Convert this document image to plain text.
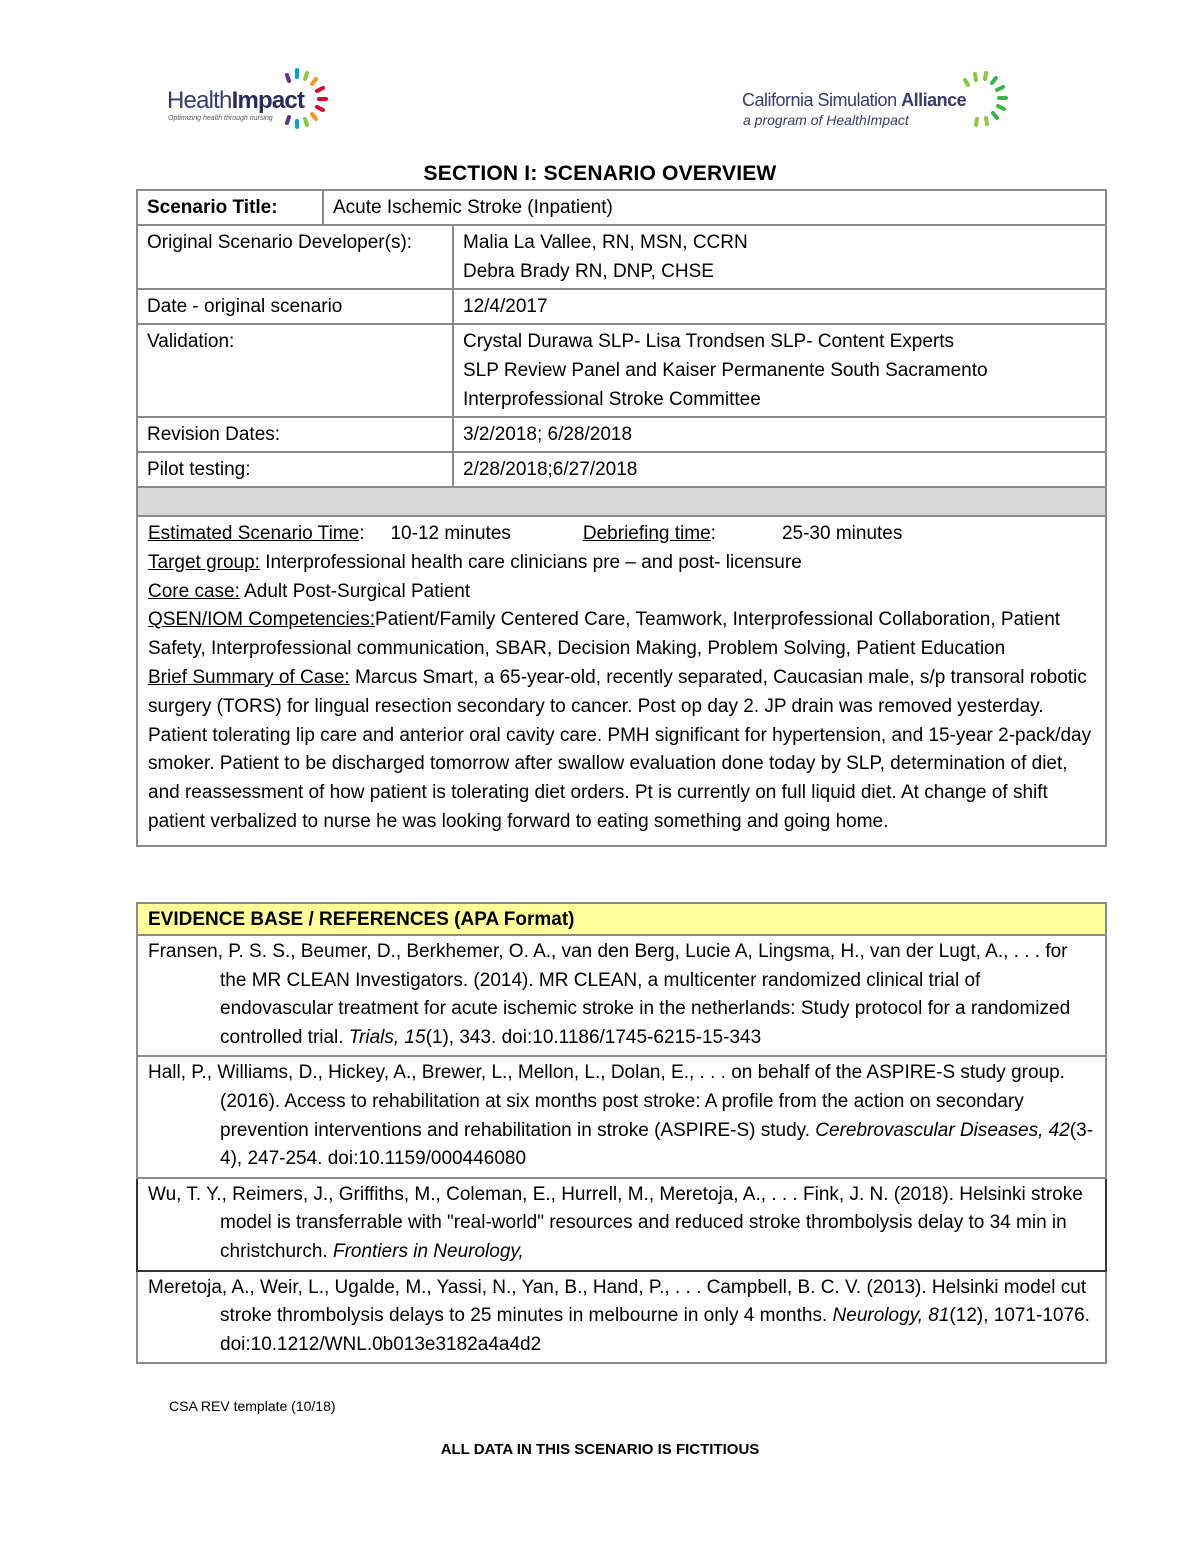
HealthImpact
Optimizing health through nursing
California Simulation Alliance
a program of HealthImpact
SECTION I: SCENARIO OVERVIEW
Scenario Title:	Acute Ischemic Stroke (Inpatient)	
Original Scenario Developer(s):		Malia La Vallee, RN, MSN, CCRN
Debra Brady RN, DNP, CHSE

Date - original scenario		12/4/2017
Validation:		Crystal Durawa SLP- Lisa Trondsen SLP- Content Experts
SLP Review Panel and Kaiser Permanente South Sacramento
Interprofessional Stroke Committee

Revision Dates:		3/2/2018; 6/28/2018
Pilot testing:		2/28/2018;6/27/2018

Estimated Scenario Time: 10-12 minutes Debriefing time: 25-30 minutes
Target group: Interprofessional health care clinicians pre – and post- licensure
Core case: Adult Post-Surgical Patient
QSEN/IOM Competencies:Patient/Family Centered Care, Teamwork, Interprofessional Collaboration, Patient Safety, Interprofessional communication, SBAR, Decision Making, Problem Solving, Patient Education
Brief Summary of Case: Marcus Smart, a 65-year-old, recently separated, Caucasian male, s/p transoral robotic surgery (TORS) for lingual resection secondary to cancer. Post op day 2. JP drain was removed yesterday. Patient tolerating lip care and anterior oral cavity care. PMH significant for hypertension, and 15-year 2-pack/day smoker. Patient to be discharged tomorrow after swallow evaluation done today by SLP, determination of diet, and reassessment of how patient is tolerating diet orders. Pt is currently on full liquid diet. At change of shift patient verbalized to nurse he was looking forward to eating something and going home.		
EVIDENCE BASE / REFERENCES (APA Format)

Fransen, P. S. S., Beumer, D., Berkhemer, O. A., van den Berg, Lucie A, Lingsma, H., van der Lugt, A., . . . for the MR CLEAN Investigators. (2014). MR CLEAN, a multicenter randomized clinical trial of endovascular treatment for acute ischemic stroke in the netherlands: Study protocol for a randomized controlled trial. Trials, 15(1), 343. doi:10.1186/1745-6215-15-343

Hall, P., Williams, D., Hickey, A., Brewer, L., Mellon, L., Dolan, E., . . . on behalf of the ASPIRE-S study group. (2016). Access to rehabilitation at six months post stroke: A profile from the action on secondary prevention interventions and rehabilitation in stroke (ASPIRE-S) study. Cerebrovascular Diseases, 42(3-4), 247-254. doi:10.1159/000446080

Wu, T. Y., Reimers, J., Griffiths, M., Coleman, E., Hurrell, M., Meretoja, A., . . . Fink, J. N. (2018). Helsinki stroke model is transferrable with "real-world" resources and reduced stroke thrombolysis delay to 34 min in christchurch. Frontiers in Neurology,

Meretoja, A., Weir, L., Ugalde, M., Yassi, N., Yan, B., Hand, P., . . . Campbell, B. C. V. (2013). Helsinki model cut stroke thrombolysis delays to 25 minutes in melbourne in only 4 months. Neurology, 81(12), 1071-1076. doi:10.1212/WNL.0b013e3182a4a4d2
CSA REV template (10/18)
ALL DATA IN THIS SCENARIO IS FICTITIOUS
